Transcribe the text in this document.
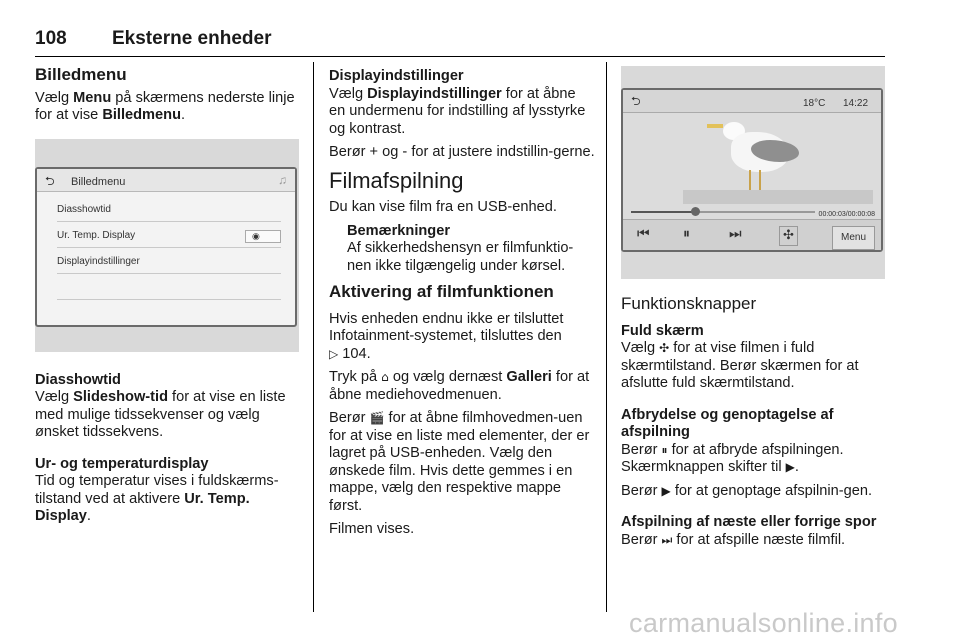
108 Eksterne enheder
Billedmenu

Vælg Menu på skærmens nederste linje for at vise Billedmenu.

⮌ Billedmenu	♫
Diasshowtid
Ur. Temp. Display	◉
Displayindstillinger
Diasshowtid

Vælg Slideshow-tid for at vise en liste med mulige tidssekvenser og vælg ønsket tidssekvens.

Ur- og temperaturdisplay

Tid og temperatur vises i fuldskærms-tilstand ved at aktivere Ur. Temp. Display.

Displayindstillinger

Vælg Displayindstillinger for at åbne en undermenu for indstilling af lysstyrke og kontrast.

Berør + og - for at justere indstillin-gerne.

Filmafspilning

Du kan vise film fra en USB-enhed.

Bemærkninger

Af sikkerhedshensyn er filmfunktio-nen ikke tilgængelig under kørsel.

Aktivering af filmfunktionen

Hvis enheden endnu ikke er tilsluttet Infotainment-systemet, tilsluttes den
▷ 104.

Tryk på ⌂ og vælg dernæst Galleri for at åbne mediehovedmenuen.

Berør 🎬 for at åbne filmhovedmen-uen for at vise en liste med elementer, der er lagret på USB-enheden. Vælg den ønskede film. Hvis dette gemmes i en mappe, vælg den respektive mappe først.

Filmen vises.

⮌	18°C 14:22
00:00:03/00:00:08
⏮ ⏸	⏭	✣	Menu
Funktionsknapper
Fuld skærm

Vælg ✣ for at vise filmen i fuld skærmtilstand. Berør skærmen for at afslutte fuld skærmtilstand.

Afbrydelse og genoptagelse af afspilning

Berør ⏸ for at afbryde afspilningen. Skærmknappen skifter til ▶.

Berør ▶ for at genoptage afspilnin-gen.

Afspilning af næste eller forrige spor

Berør ⏭ for at afspille næste filmfil.

carmanualsonline.info
